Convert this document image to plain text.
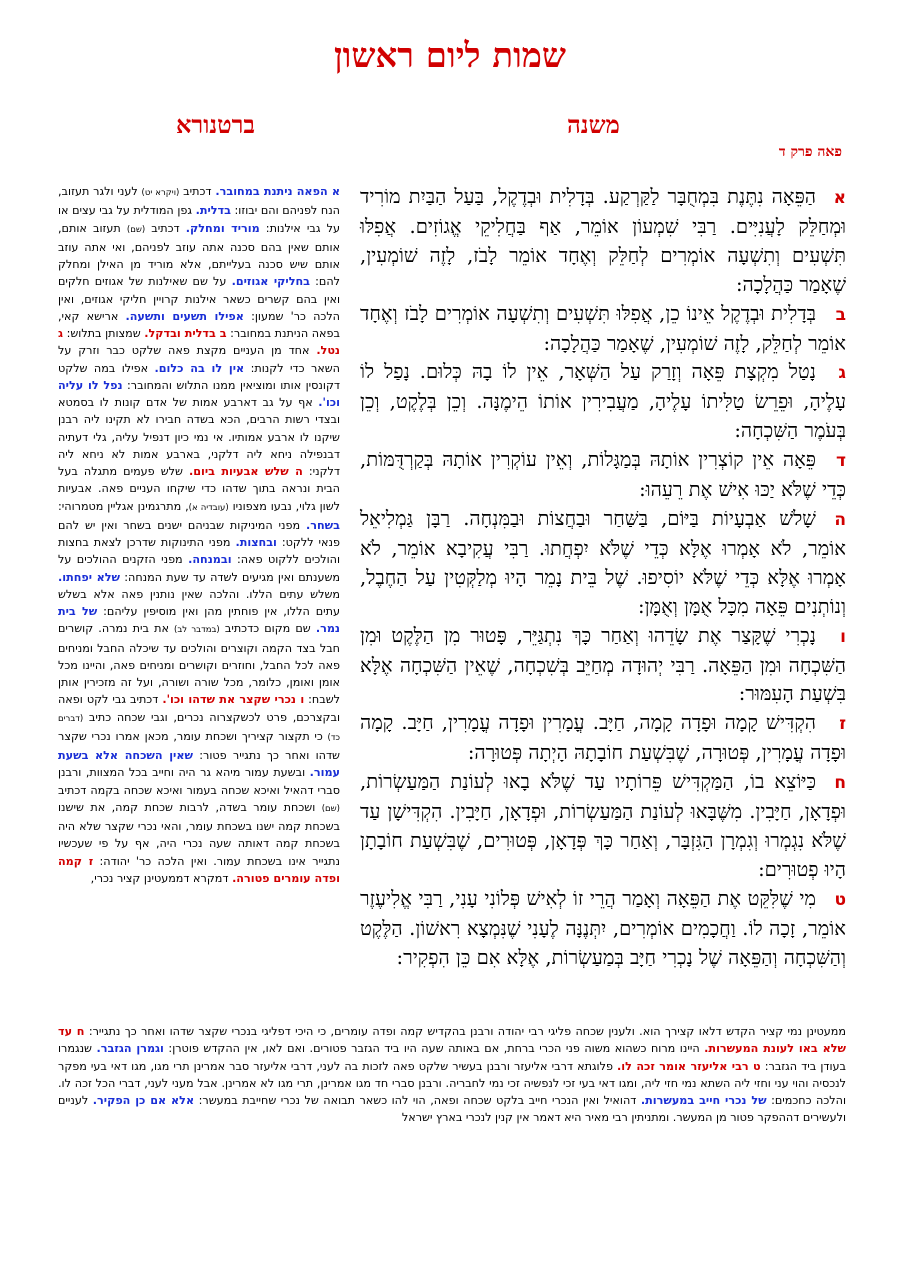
שמות ליום ראשון
משנה
ברטנורא
פאה פרק ד

אהַפֵּאָה נִתֶּנֶת בִּמְחֻבָּר לַקַּרְקַע. בְּדָלִית וּבְדֶקֶל, בַּעַל הַבַּיִת מוֹרִיד וּמְחַלֵּק לָעֲנִיִּים. רַבִּי שִׁמְעוֹן אוֹמֵר, אַף בַּחֲלִיקֵי אֱגוֹזִים. אֲפִלּוּ תִּשְׁעִים וְתִשְׁעָה אוֹמְרִים לְחַלֵּק וְאֶחָד אוֹמֵר לָבֹז, לָזֶה שׁוֹמְעִין, שֶׁאָמַר כַּהֲלָכָה:

בבְּדָלִית וּבְדֶקֶל אֵינוֹ כֵן, אֲפִלּוּ תִּשְׁעִים וְתִשְׁעָה אוֹמְרִים לָבֹז וְאֶחָד אוֹמֵר לְחַלֵּק, לָזֶה שׁוֹמְעִין, שֶׁאָמַר כַּהֲלָכָה:

גנָטַל מִקְצָת פֵּאָה וְזָרַק עַל הַשְּׁאָר, אֵין לוֹ בָהּ כְּלוּם. נָפַל לוֹ עָלֶיהָ, וּפֵרֵשׂ טַלִּיתוֹ עָלֶיהָ, מַעֲבִירִין אוֹתוֹ הֵימֶנָּה. וְכֵן בְּלֶקֶט, וְכֵן בְּעֹמֶר הַשִּׁכְחָה:

דפֵּאָה אֵין קוֹצְרִין אוֹתָהּ בְּמַגָּלוֹת, וְאֵין עוֹקְרִין אוֹתָהּ בְּקַרְדֻּמּוֹת, כְּדֵי שֶׁלֹּא יַכּוּ אִישׁ אֶת רֵעֵהוּ:

השָׁלֹשׁ אַבְעָיוֹת בַּיּוֹם, בַּשַּׁחַר וּבַחֲצוֹת וּבַמִּנְחָה. רַבָּן גַּמְלִיאֵל אוֹמֵר, לֹא אָמְרוּ אֶלָּא כְּדֵי שֶׁלֹּא יִפְחֲתוּ. רַבִּי עֲקִיבָא אוֹמֵר, לֹא אָמְרוּ אֶלָּא כְּדֵי שֶׁלֹּא יוֹסִיפוּ. שֶׁל בֵּית נָמֵר הָיוּ מְלַקְּטִין עַל הַחֶבֶל, וְנוֹתְנִים פֵּאָה מִכָּל אֻמָּן וְאֻמָּן:

ונָכְרִי שֶׁקָּצַר אֶת שָׂדֵהוּ וְאַחַר כָּךְ נִתְגַּיֵּר, פָּטוּר מִן הַלֶּקֶט וּמִן הַשִּׁכְחָה וּמִן הַפֵּאָה. רַבִּי יְהוּדָה מְחַיֵּב בְּשִׁכְחָה, שֶׁאֵין הַשִּׁכְחָה אֶלָּא בִּשְׁעַת הָעִמּוּר:

זהִקְדִּישׁ קָמָה וּפָדָה קָמָה, חַיָּב. עֳמָרִין וּפָדָה עֳמָרִין, חַיָּב. קָמָה וּפָדָה עֳמָרִין, פְּטוּרָה, שֶׁבִּשְׁעַת חוֹבָתָהּ הָיְתָה פְּטוּרָה:

חכַּיּוֹצֵא בוֹ, הַמַּקְדִּישׁ פֵּרוֹתָיו עַד שֶׁלֹּא בָאוּ לְעוֹנַת הַמַּעַשְׂרוֹת, וּפְדָאָן, חַיָּבִין. מִשֶּׁבָּאוּ לְעוֹנַת הַמַּעַשְׂרוֹת, וּפְדָאָן, חַיָּבִין. הִקְדִּישָׁן עַד שֶׁלֹּא נִגְמְרוּ וְגִמְרָן הַגִּזְבָּר, וְאַחַר כָּךְ פְּדָאָן, פְּטוּרִים, שֶׁבִּשְׁעַת חוֹבָתָן הָיוּ פְטוּרִים:

טמִי שֶׁלִּקֵּט אֶת הַפֵּאָה וְאָמַר הֲרֵי זוֹ לְאִישׁ פְּלוֹנִי עָנִי, רַבִּי אֱלִיעֶזֶר אוֹמֵר, זָכָה לוֹ. וַחֲכָמִים אוֹמְרִים, יִתְּנֶנָּה לֶעָנִי שֶׁנִּמְצָא רִאשׁוֹן. הַלֶּקֶט וְהַשִּׁכְחָה וְהַפֵּאָה שֶׁל נָכְרִי חַיָּב בְּמַעַשְׂרוֹת, אֶלָּא אִם כֵּן הִפְקִיר:

א הפאה ניתנת במחובר. דכתיב (ויקרא יט) לעני ולגר תעזוב, הנח לפניהם והם יבוזו: בדלית. גפן המודלית על גבי עצים או על גבי אילנות: מוריד ומחלק. דכתיב (שם) תעזוב אותם, אותם שאין בהם סכנה אתה עוזב לפניהם, ואי אתה עוזב אותם שיש סכנה בעלייתם, אלא מוריד מן האילן ומחלק להם: בחליקי אגוזים. על שם שאילנות של אגוזים חלקים ואין בהם קשרים כשאר אילנות קרויין חליקי אגוזים, ואין הלכה כר' שמעון: אפילו תשעים ותשעה. ארישא קאי, בפאה הניתנת במחובר: ב בדלית ובדקל. שמצותן בתלוש: ג נטל. אחד מן העניים מקצת פאה שלקט כבר וזרק על השאר כדי לקנות: אין לו בה כלום. אפילו במה שלקט דקונסין אותו ומוציאין ממנו התלוש והמחובר: נפל לו עליה וכו'. אף על גב דארבע אמות של אדם קונות לו בסמטא ובצדי רשות הרבים, הכא בשדה חבירו לא תקינו ליה רבנן שיקנו לו ארבע אמותיו. אי נמי כיון דנפיל עליה, גלי דעתיה דבנפילה ניחא ליה דלקני, בארבע אמות לא ניחא ליה דלקני: ה שלש אבעיות ביום. שלש פעמים מתגלה בעל הבית ונראה בתוך שדהו כדי שיקחו העניים פאה. אבעיות לשון גלוי, נבעו מצפוניו (עובדיה א), מתרגמינן אגליין מטמרוהי: בשחר. מפני המיניקות שבניהם ישנים בשחר ואין יש להם פנאי ללקט: ובחצות. מפני התינוקות שדרכן לצאת בחצות והולכים ללקוט פאה: ובמנחה. מפני הזקנים ההולכים על משענתם ואין מגיעים לשדה עד שעת המנחה: שלא יפחתו. משלש עתים הללו. והלכה שאין נותנין פאה אלא בשלש עתים הללו, אין פוחתין מהן ואין מוסיפין עליהם: של בית נמר. שם מקום כדכתיב (במדבר לב) את בית נמרה. קושרים חבל בצד הקמה וקוצרים והולכים עד שיכלה החבל ומניחים פאה לכל החבל, וחוזרים וקושרים ומניחים פאה, והיינו מכל אומן ואומן, כלומר, מכל שורה ושורה, ועל זה מזכירין אותן לשבח: ו נכרי שקצר את שדהו וכו'. דכתיב גבי לקט ופאה ובקצרכם, פרט לכשקצרוה נכרים, וגבי שכחה כתיב (דברים כד) כי תקצור קציריך ושכחת עומר, מכאן אמרו נכרי שקצר שדהו ואחר כך נתגייר פטור: שאין השכחה אלא בשעת עמור. ובשעת עמור מיהא גר היה וחייב בכל המצוות, ורבנן סברי דהאיל ואיכא שכחה בעמור ואיכא שכחה בקמה דכתיב (שם) ושכחת עומר בשדה, לרבות שכחת קמה, את שישנו בשכחת קמה ישנו בשכחת עומר, והאי נכרי שקצר שלא היה בשכחת קמה דאותה שעה נכרי היה, אף על פי שעכשיו נתגייר אינו בשכחת עמור. ואין הלכה כר' יהודה: ז קמה ופדה עומרים פטורה. דמקרא דממעטינן קציר נכרי,

ממעטינן נמי קציר הקדש דלאו קצירך הוא. ולענין שכחה פליגי רבי יהודה ורבנן בהקדיש קמה ופדה עומרים, כי היכי דפליגי בנכרי שקצר שדהו ואחר כך נתגייר: ח עד שלא באו לעונת המעשרות. היינו מרוח כשהוא משוה פני הכרי ברחת, אם באותה שעה היו ביד הגזבר פטורים. ואם לאו, אין ההקדש פוטרן: וגמרן הגזבר. שנגמרו בעודן ביד הגזבר: ט רבי אליעזר אומר זכה לו. פלוגתא דרבי אליעזר ורבנן בעשיר שלקט פאה לזכות בה לעני, דרבי אליעזר סבר אמרינן תרי מגו, מגו דאי בעי מפקר לנכסיה והוי עני וחזי ליה השתא נמי חזי ליה, ומגו דאי בעי זכי לנפשיה זכי נמי לחבריה. ורבנן סברי חד מגו אמרינן, תרי מגו לא אמרינן. אבל מעני לעני, דברי הכל זכה לו. והלכה כחכמים: של נכרי חייב במעשרות. דהואיל ואין הנכרי חייב בלקט שכחה ופאה, הוי להו כשאר תבואה של נכרי שחייבת במעשר: אלא אם כן הפקיר. לעניים ולעשירים דההפקר פטור מן המעשר. ומתניתין רבי מאיר היא דאמר אין קנין לנכרי בארץ ישראל
